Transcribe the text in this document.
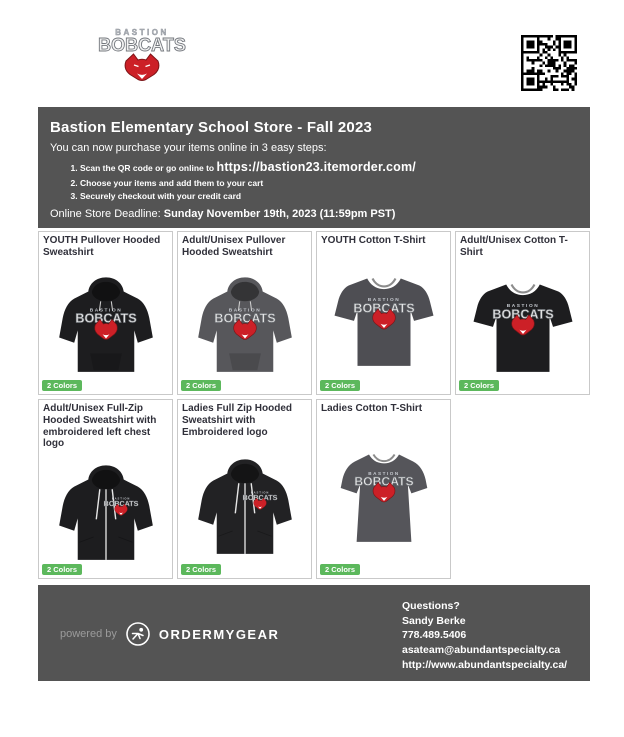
BASTION
BOBCATS
Bastion Elementary School Store - Fall 2023

You can now purchase your items online in 3 easy steps:

1. Scan the QR code or go online to https://bastion23.itemorder.com/
2. Choose your items and add them to your cart
3. Securely checkout with your credit card

Online Store Deadline: Sunday November 19th, 2023 (11:59pm PST)

YOUTH Pullover Hooded Sweatshirt
2 Colors
Adult/Unisex Pullover Hooded Sweatshirt
2 Colors
YOUTH Cotton T-Shirt
2 Colors
Adult/Unisex Cotton T-Shirt
2 Colors
Adult/Unisex Full-Zip Hooded Sweatshirt with embroidered left chest logo
2 Colors
Ladies Full Zip Hooded Sweatshirt with Embroidered logo
2 Colors
Ladies Cotton T-Shirt
2 Colors
powered by	ORDERMYGEAR
Questions?
Sandy Berke
778.489.5406
asateam@abundantspecialty.ca
http://www.abundantspecialty.ca/
